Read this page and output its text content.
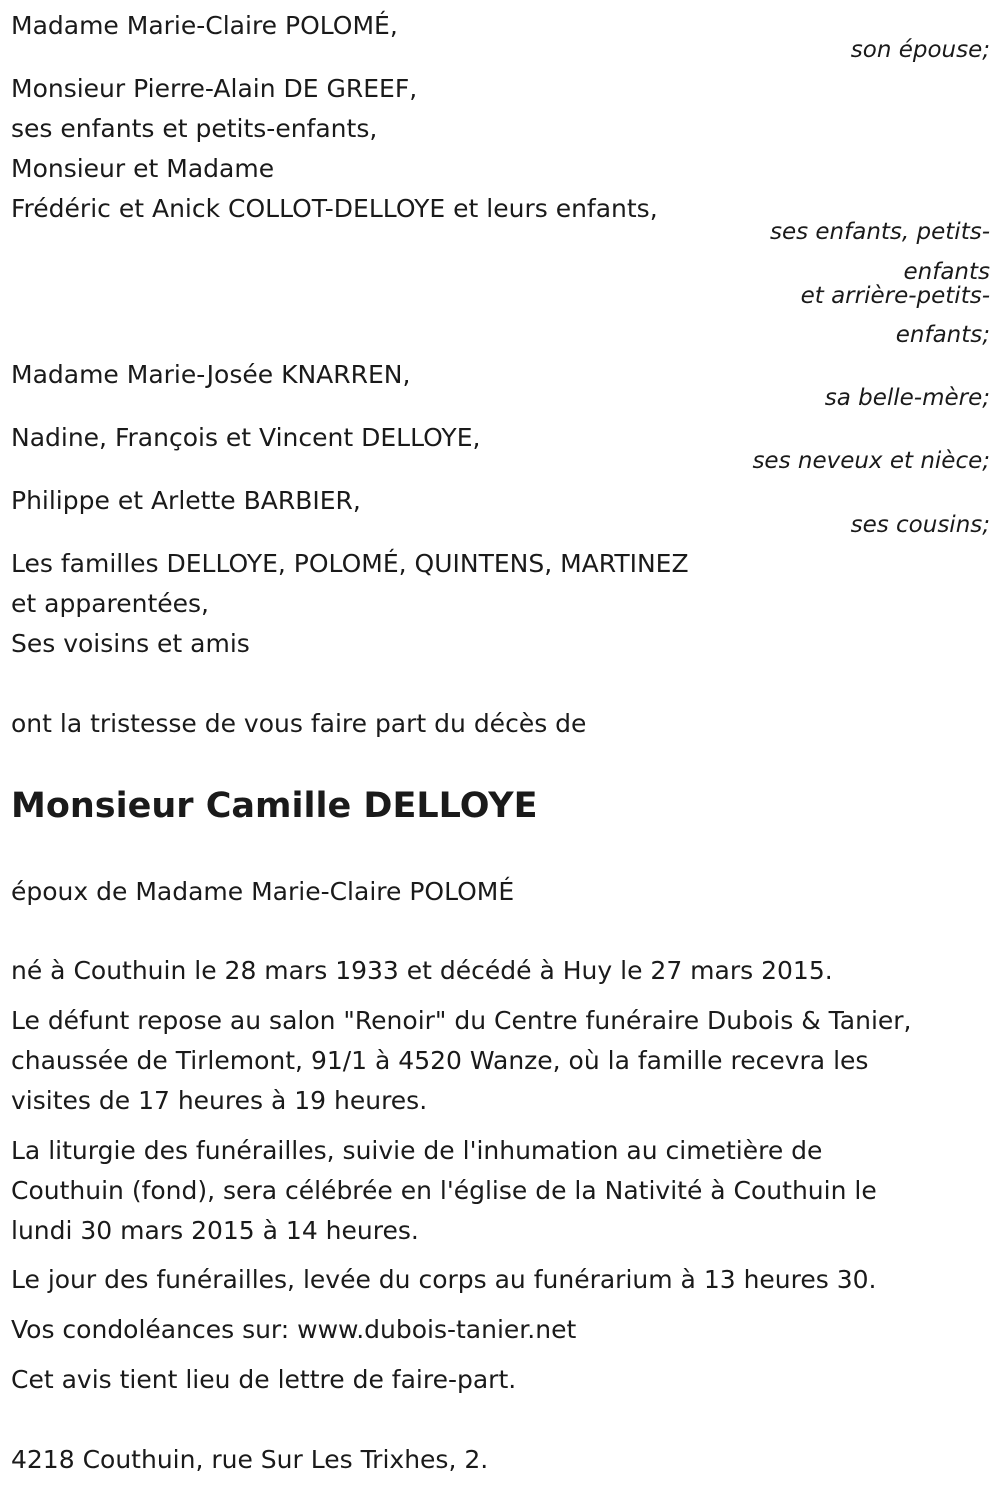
Madame Marie-Claire POLOMÉ,
son épouse;
Monsieur Pierre-Alain DE GREEF,
ses enfants et petits-enfants,
Monsieur et Madame
Frédéric et Anick COLLOT-DELLOYE et leurs enfants,
ses enfants, petits-
enfants
et arrière-petits-
enfants;
Madame Marie-Josée KNARREN,
sa belle-mère;
Nadine, François et Vincent DELLOYE,
ses neveux et nièce;
Philippe et Arlette BARBIER,
ses cousins;
Les familles DELLOYE, POLOMÉ, QUINTENS, MARTINEZ
et apparentées,
Ses voisins et amis
ont la tristesse de vous faire part du décès de
Monsieur Camille DELLOYE
époux de Madame Marie-Claire POLOMÉ
né à Couthuin le 28 mars 1933 et décédé à Huy le 27 mars 2015.
Le défunt repose au salon "Renoir" du Centre funéraire Dubois & Tanier,
chaussée de Tirlemont, 91/1 à 4520 Wanze, où la famille recevra les
visites de 17 heures à 19 heures.
La liturgie des funérailles, suivie de l'inhumation au cimetière de
Couthuin (fond), sera célébrée en l'église de la Nativité à Couthuin le
lundi 30 mars 2015 à 14 heures.
Le jour des funérailles, levée du corps au funérarium à 13 heures 30.
Vos condoléances sur: www.dubois-tanier.net
Cet avis tient lieu de lettre de faire-part.
4218 Couthuin, rue Sur Les Trixhes, 2.
